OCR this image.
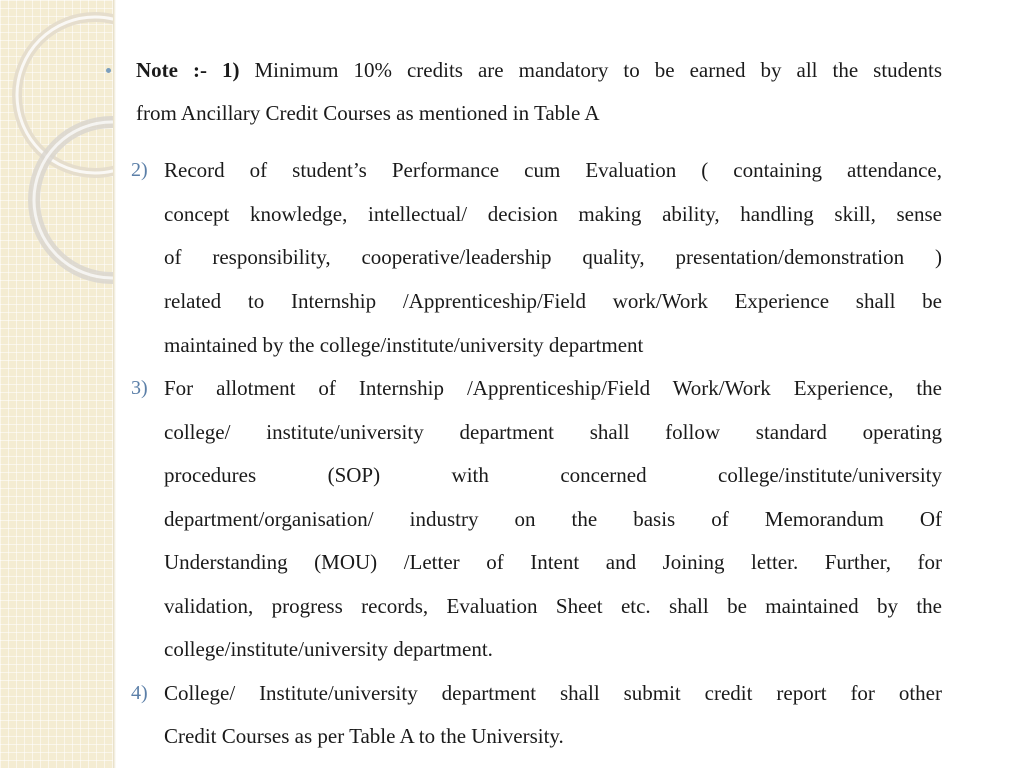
Note :- 1) Minimum 10% credits are mandatory to be earned by all the students
from Ancillary Credit Courses as mentioned in Table A
2) Record of student’s Performance cum Evaluation ( containing attendance,
concept knowledge, intellectual/ decision making ability, handling skill, sense
of responsibility, cooperative/leadership quality, presentation/demonstration )
related to Internship /Apprenticeship/Field work/Work Experience shall be
maintained by the college/institute/university department
3) For allotment of Internship /Apprenticeship/Field Work/Work Experience, the
college/ institute/university department shall follow standard operating
procedures (SOP) with concerned college/institute/university
department/organisation/ industry on the basis of Memorandum Of
Understanding (MOU) /Letter of Intent and Joining letter. Further, for
validation, progress records, Evaluation Sheet etc. shall be maintained by the
college/institute/university department.
4) College/ Institute/university department shall submit credit report for other
Credit Courses as per Table A to the University.
